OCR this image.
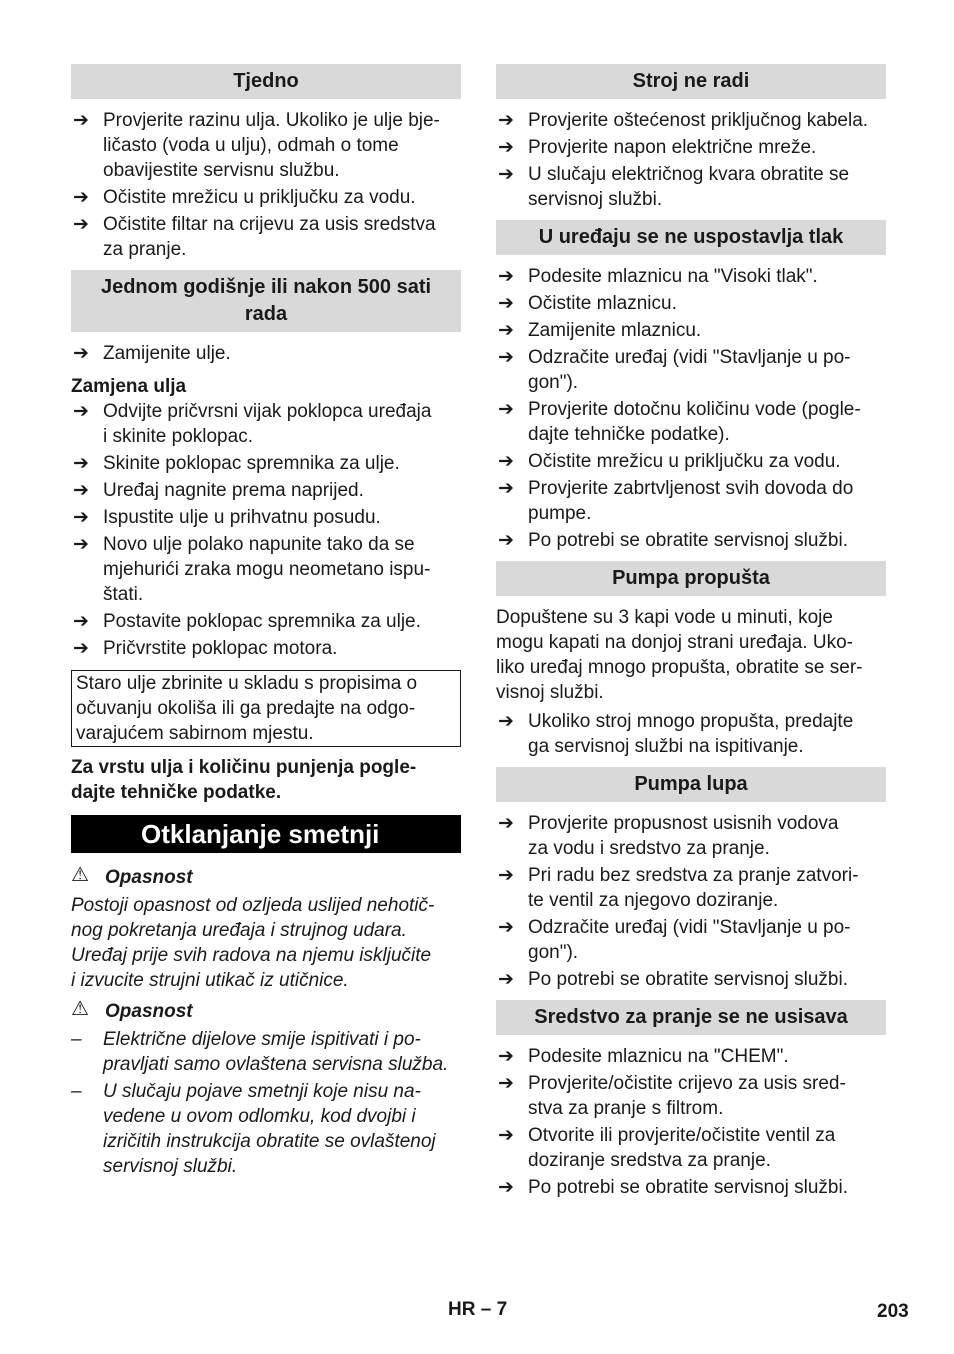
Tjedno
➔ Provjerite razinu ulja. Ukoliko je ulje bje-
ličasto (voda u ulju), odmah o tome
obavijestite servisnu službu.
➔ Očistite mrežicu u priključku za vodu.
➔ Očistite filtar na crijevu za usis sredstva
za pranje.
Jednom godišnje ili nakon 500 sati
rada
➔ Zamijenite ulje.
Zamjena ulja
➔ Odvijte pričvrsni vijak poklopca uređaja
i skinite poklopac.
➔ Skinite poklopac spremnika za ulje.
➔ Uređaj nagnite prema naprijed.
➔ Ispustite ulje u prihvatnu posudu.
➔ Novo ulje polako napunite tako da se
mjehurići zraka mogu neometano ispu-
štati.
➔ Postavite poklopac spremnika za ulje.
➔ Pričvrstite poklopac motora.
Staro ulje zbrinite u skladu s propisima o
očuvanju okoliša ili ga predajte na odgo-
varajućem sabirnom mjestu.
Za vrstu ulja i količinu punjenja pogle-
dajte tehničke podatke.
Otklanjanje smetnji
⚠ Opasnost
Postoji opasnost od ozljeda uslijed nehotič-
nog pokretanja uređaja i strujnog udara.
Uređaj prije svih radova na njemu isključite
i izvucite strujni utikač iz utičnice.
⚠ Opasnost
– Električne dijelove smije ispitivati i po-
pravljati samo ovlaštena servisna služba.
– U slučaju pojave smetnji koje nisu na-
vedene u ovom odlomku, kod dvojbi i
izričitih instrukcija obratite se ovlaštenoj
servisnoj službi.
Stroj ne radi
➔ Provjerite oštećenost priključnog kabela.
➔ Provjerite napon električne mreže.
➔ U slučaju električnog kvara obratite se
servisnoj službi.
U uređaju se ne uspostavlja tlak
➔ Podesite mlaznicu na "Visoki tlak".
➔ Očistite mlaznicu.
➔ Zamijenite mlaznicu.
➔ Odzračite uređaj (vidi "Stavljanje u po-
gon").
➔ Provjerite dotočnu količinu vode (pogle-
dajte tehničke podatke).
➔ Očistite mrežicu u priključku za vodu.
➔ Provjerite zabrtvljenost svih dovoda do
pumpe.
➔ Po potrebi se obratite servisnoj službi.
Pumpa propušta
Dopuštene su 3 kapi vode u minuti, koje
mogu kapati na donjoj strani uređaja. Uko-
liko uređaj mnogo propušta, obratite se ser-
visnoj službi.
➔ Ukoliko stroj mnogo propušta, predajte
ga servisnoj službi na ispitivanje.
Pumpa lupa
➔ Provjerite propusnost usisnih vodova
za vodu i sredstvo za pranje.
➔ Pri radu bez sredstva za pranje zatvori-
te ventil za njegovo doziranje.
➔ Odzračite uređaj (vidi "Stavljanje u po-
gon").
➔ Po potrebi se obratite servisnoj službi.
Sredstvo za pranje se ne usisava
➔ Podesite mlaznicu na "CHEM".
➔ Provjerite/očistite crijevo za usis sred-
stva za pranje s filtrom.
➔ Otvorite ili provjerite/očistite ventil za
doziranje sredstva za pranje.
➔ Po potrebi se obratite servisnoj službi.
HR – 7	203
